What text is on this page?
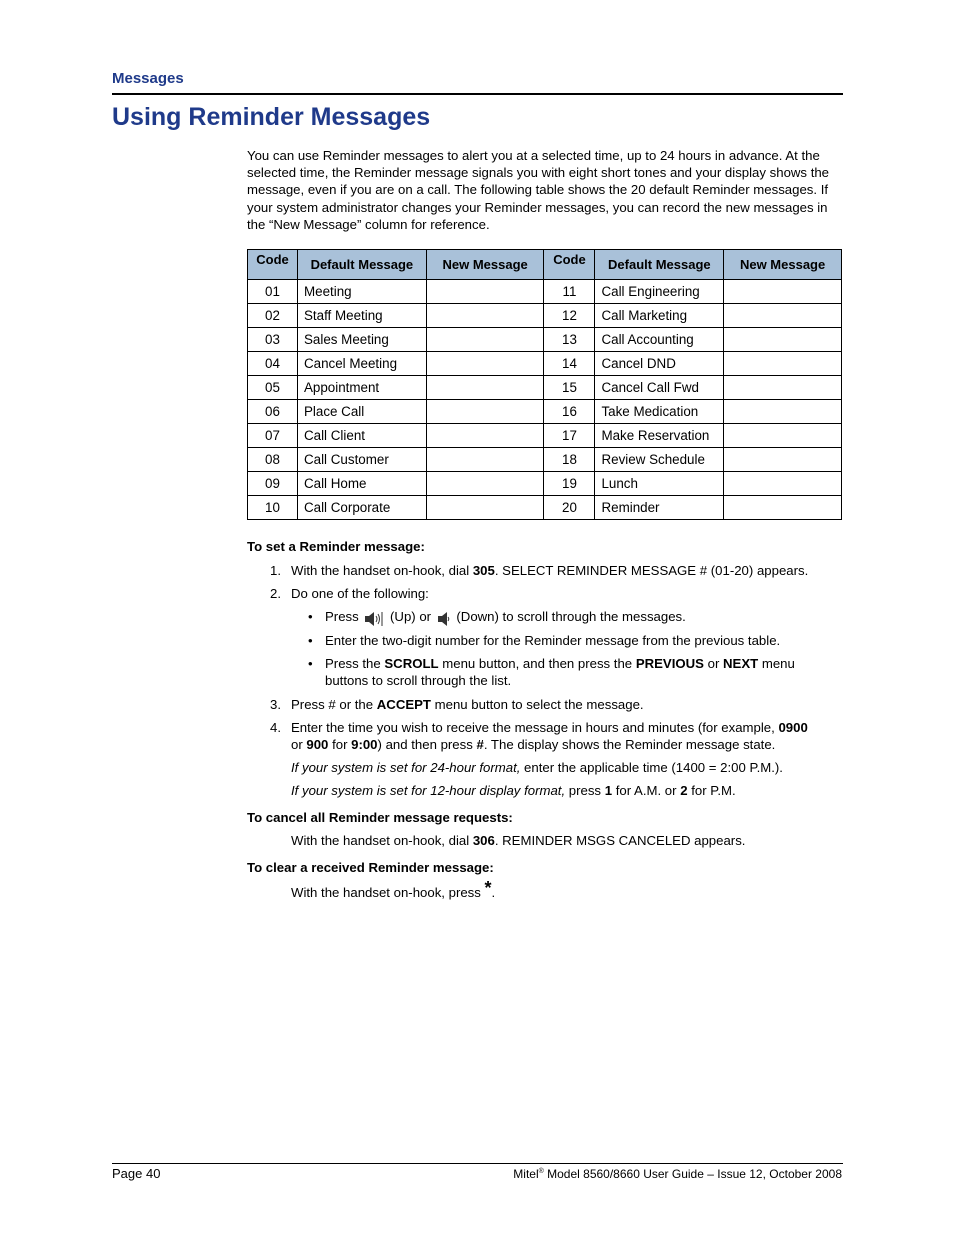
Messages
Using Reminder Messages

You can use Reminder messages to alert you at a selected time, up to 24 hours in advance. At the selected time, the Reminder message signals you with eight short tones and your display shows the message, even if you are on a call. The following table shows the 20 default Reminder messages. If your system administrator changes your Reminder messages, you can record the new messages in the “New Message” column for reference.

Code	Default Message	New Message	Code	Default Message	New Message
01	Meeting		11	Call Engineering	
02	Staff Meeting		12	Call Marketing	
03	Sales Meeting		13	Call Accounting	
04	Cancel Meeting		14	Cancel DND	
05	Appointment		15	Cancel Call Fwd	
06	Place Call		16	Take Medication	
07	Call Client		17	Make Reservation	
08	Call Customer		18	Review Schedule	
09	Call Home		19	Lunch	
10	Call Corporate		20	Reminder	
To set a Reminder message:
1. With the handset on-hook, dial 305. SELECT REMINDER MESSAGE # (01-20) appears.
2. Do one of the following:
• Press  (Up) or  (Down) to scroll through the messages.
• Enter the two-digit number for the Reminder message from the previous table.
• Press the SCROLL menu button, and then press the PREVIOUS or NEXT menu
buttons to scroll through the list.
3. Press # or the ACCEPT menu button to select the message.
4. Enter the time you wish to receive the message in hours and minutes (for example, 0900
or 900 for 9:00) and then press #. The display shows the Reminder message state.
If your system is set for 24-hour format, enter the applicable time (1400 = 2:00 P.M.).
If your system is set for 12-hour display format, press 1 for A.M. or 2 for P.M.
To cancel all Reminder message requests:
With the handset on-hook, dial 306. REMINDER MSGS CANCELED appears.
To clear a received Reminder message:
With the handset on-hook, press *.
Page 40	Mitel® Model 8560/8660 User Guide – Issue 12, October 2008
